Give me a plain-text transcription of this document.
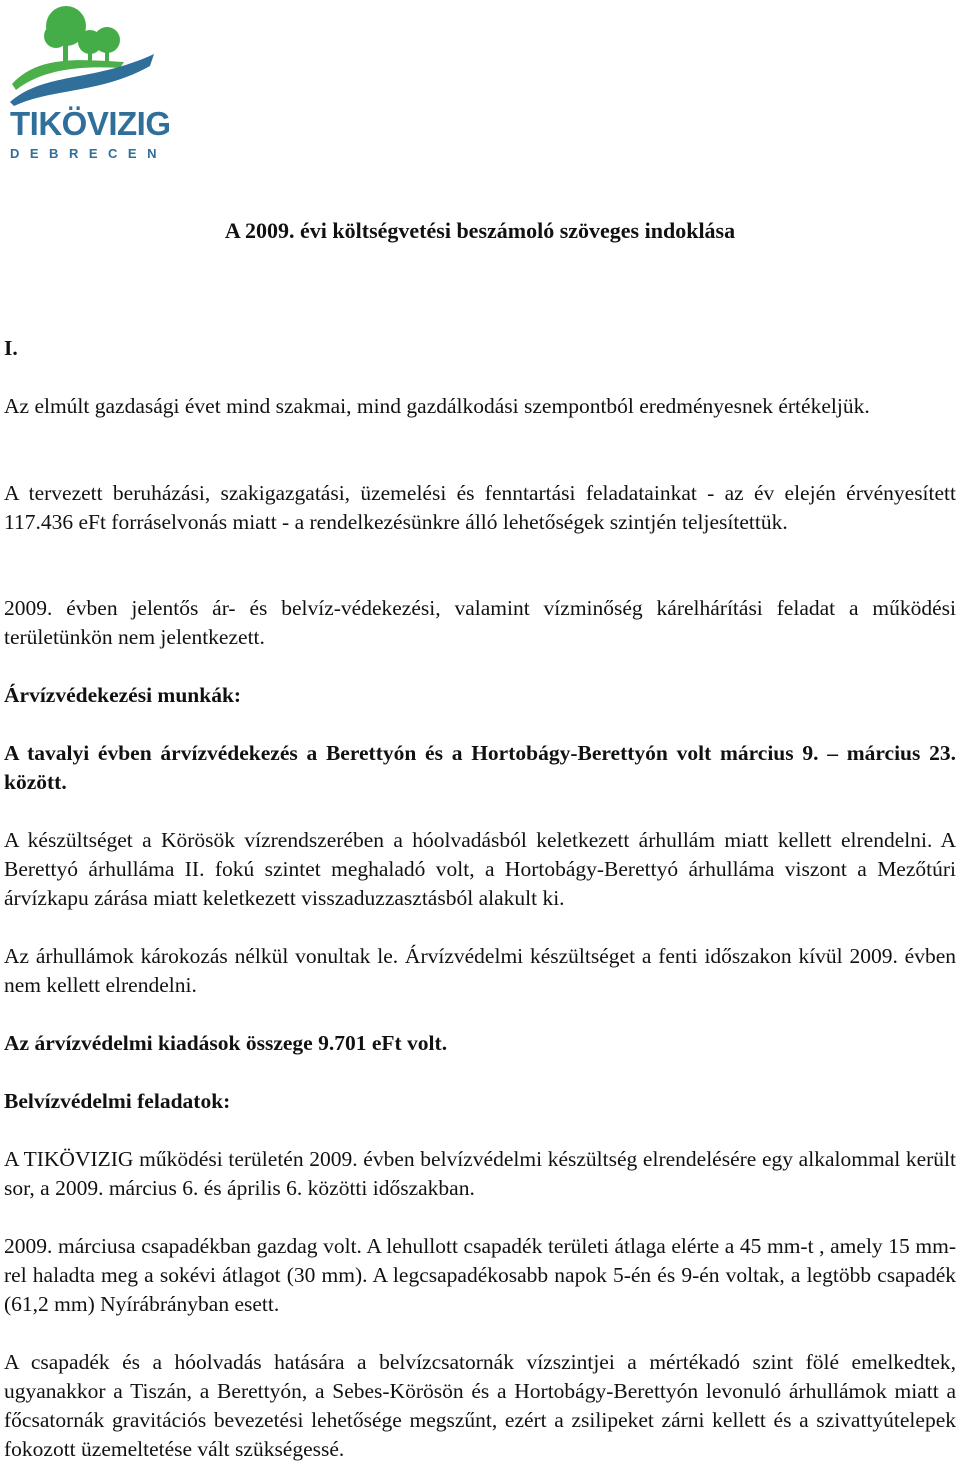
TIKÖVIZIG
DEBRECEN
A 2009. évi költségvetési beszámoló szöveges indoklása

I.

Az elmúlt gazdasági évet mind szakmai, mind gazdálkodási szempontból eredményesnek értékeljük.

A tervezett beruházási, szakigazgatási, üzemelési és fenntartási feladatainkat - az év elején érvényesített 117.436 eFt forráselvonás miatt - a rendelkezésünkre álló lehetőségek szintjén teljesítettük.

2009. évben jelentős ár- és belvíz-védekezési, valamint vízminőség kárelhárítási feladat a működési területünkön nem jelentkezett.

Árvízvédekezési munkák:

A tavalyi évben árvízvédekezés a Berettyón és a Hortobágy-Berettyón volt március 9. – március 23. között.

A készültséget a Körösök vízrendszerében a hóolvadásból keletkezett árhullám miatt kellett elrendelni. A Berettyó árhulláma II. fokú szintet meghaladó volt, a Hortobágy-Berettyó árhulláma viszont a Mezőtúri árvízkapu zárása miatt keletkezett visszaduzzasztásból alakult ki.

Az árhullámok károkozás nélkül vonultak le. Árvízvédelmi készültséget a fenti időszakon kívül 2009. évben nem kellett elrendelni.

Az árvízvédelmi kiadások összege 9.701 eFt volt.

Belvízvédelmi feladatok:

A TIKÖVIZIG működési területén 2009. évben belvízvédelmi készültség elrendelésére egy alkalommal került sor, a 2009. március 6. és április 6. közötti időszakban.

2009. márciusa csapadékban gazdag volt. A lehullott csapadék területi átlaga elérte a 45 mm-t , amely 15 mm-rel haladta meg a sokévi átlagot (30 mm). A legcsapadékosabb napok 5-én és 9-én voltak, a legtöbb csapadék (61,2 mm) Nyírábrányban esett.

A csapadék és a hóolvadás hatására a belvízcsatornák vízszintjei a mértékadó szint fölé emelkedtek, ugyanakkor a Tiszán, a Berettyón, a Sebes-Körösön és a Hortobágy-Berettyón levonuló árhullámok miatt a főcsatornák gravitációs bevezetési lehetősége megszűnt, ezért a zsilipeket zárni kellett és a szivattyútelepek fokozott üzemeltetése vált szükségessé.
